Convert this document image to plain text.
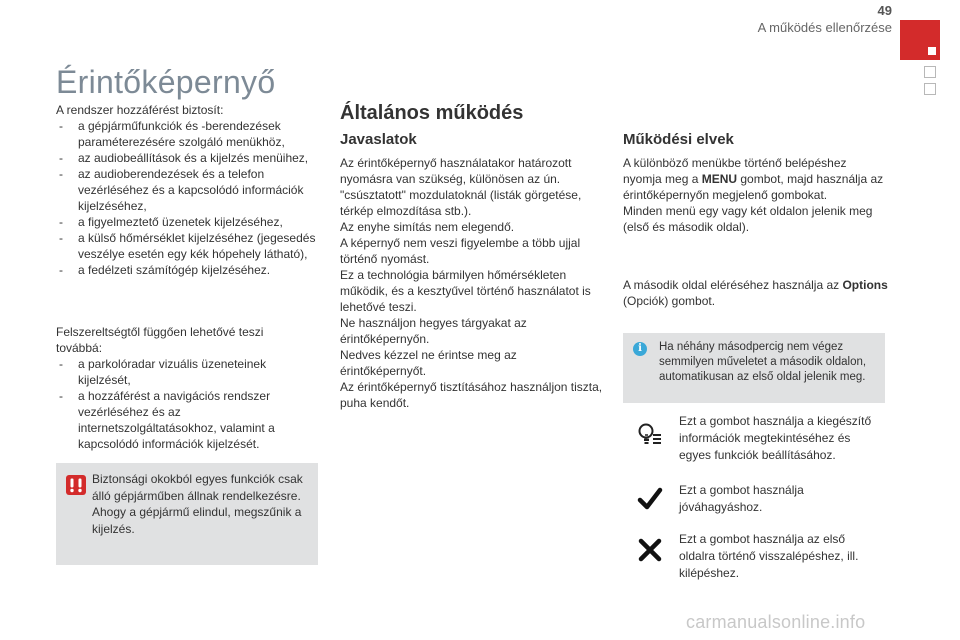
49
A működés ellenőrzése
Érintőképernyő

A rendszer hozzáférést biztosít:

- a gépjárműfunkciók és -berendezések paraméterezésére szolgáló menükhöz,
- az audiobeállítások és a kijelzés menüihez,
- az audioberendezések és a telefon vezérléséhez és a kapcsolódó információk kijelzéséhez,
- a figyelmeztető üzenetek kijelzéséhez,
- a külső hőmérséklet kijelzéséhez (jegesedés veszélye esetén egy kék hópehely látható),
- a fedélzeti számítógép kijelzéséhez.

Felszereltségtől függően lehetővé teszi továbbá:

- a parkolóradar vizuális üzeneteinek kijelzését,
- a hozzáférést a navigációs rendszer vezérléséhez és az internetszolgáltatásokhoz, valamint a kapcsolódó információk kijelzését.
Biztonsági okokból egyes funkciók csak álló gépjárműben állnak rendelkezésre. Ahogy a gépjármű elindul, megszűnik a kijelzés.
Általános működés
Javaslatok

Az érintőképernyő használatakor határozott nyomásra van szükség, különösen az ún. "csúsztatott" mozdulatoknál (listák görgetése, térkép elmozdítása stb.).

Az enyhe simítás nem elegendő.

A képernyő nem veszi figyelembe a több ujjal történő nyomást.

Ez a technológia bármilyen hőmérsékleten működik, és a kesztyűvel történő használatot is lehetővé teszi.

Ne használjon hegyes tárgyakat az érintőképernyőn.

Nedves kézzel ne érintse meg az érintőképernyőt.

Az érintőképernyő tisztításához használjon tiszta, puha kendőt.

Működési elvek

A különböző menükbe történő belépéshez nyomja meg a MENU gombot, majd használja az érintőképernyőn megjelenő gombokat.

Minden menü egy vagy két oldalon jelenik meg (első és második oldal).

A második oldal eléréséhez használja az Options (Opciók) gombot.

i	Ha néhány másodpercig nem végez semmilyen műveletet a második oldalon, automatikusan az első oldal jelenik meg.
Ezt a gombot használja a kiegészítő információk megtekintéséhez és egyes funkciók beállításához.
Ezt a gombot használja jóváhagyáshoz.
Ezt a gombot használja az első oldalra történő visszalépéshez, ill. kilépéshez.
carmanualsonline.info
